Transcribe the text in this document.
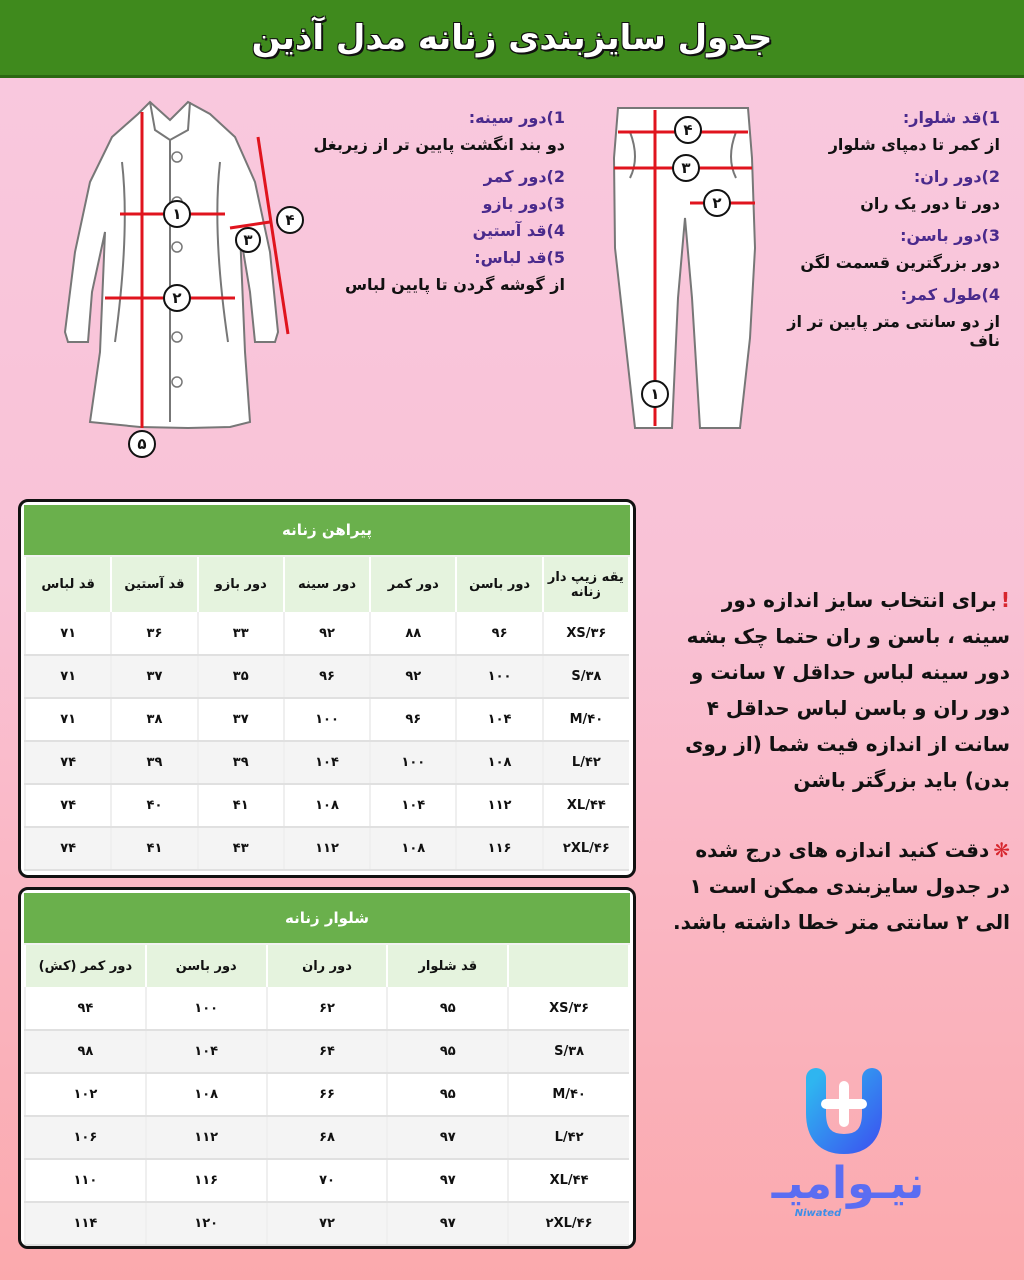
جدول سایزبندی زنانه مدل آذین
1)قد شلوار:
از کمر تا دمپای شلوار
2)دور ران:
دور تا دور یک ران
3)دور باسن:
دور بزرگترین قسمت لگن
4)طول کمر:
از دو سانتی متر پایین تر از ناف
1)دور سینه:
دو بند انگشت پایین تر از زیربغل
2)دور کمر
3)دور بازو
4)قد آستین
5)قد لباس:
از گوشه گردن تا پایین لباس
۱
۲
۳
۴
۵
۱
۲
۳
۴
پیراهن زنانه
یقه زیپ دار زنانه	دور باسن	دور کمر	دور سینه	دور بازو	قد آستین	قد لباس
XS/۳۶	۹۶	۸۸	۹۲	۳۳	۳۶	۷۱
S/۳۸	۱۰۰	۹۲	۹۶	۳۵	۳۷	۷۱
M/۴۰	۱۰۴	۹۶	۱۰۰	۳۷	۳۸	۷۱
L/۴۲	۱۰۸	۱۰۰	۱۰۴	۳۹	۳۹	۷۴
XL/۴۴	۱۱۲	۱۰۴	۱۰۸	۴۱	۴۰	۷۴
۲XL/۴۶	۱۱۶	۱۰۸	۱۱۲	۴۳	۴۱	۷۴
شلوار زنانه
	قد شلوار	دور ران	دور باسن	دور کمر (کش)
XS/۳۶	۹۵	۶۲	۱۰۰	۹۴
S/۳۸	۹۵	۶۴	۱۰۴	۹۸
M/۴۰	۹۵	۶۶	۱۰۸	۱۰۲
L/۴۲	۹۷	۶۸	۱۱۲	۱۰۶
XL/۴۴	۹۷	۷۰	۱۱۶	۱۱۰
۲XL/۴۶	۹۷	۷۲	۱۲۰	۱۱۴

!برای انتخاب سایز اندازه دور سینه ، باسن و ران حتما چک بشه دور سینه لباس حداقل ۷ سانت و دور ران و باسن لباس حداقل ۴ سانت از اندازه فیت شما (از روی بدن) باید بزرگتر باشن

❋دقت کنید اندازه های درج شده در جدول سایزبندی ممکن است ۱ الی ۲ سانتی متر خطا داشته باشد.

نیـوامیـ
Niwated
